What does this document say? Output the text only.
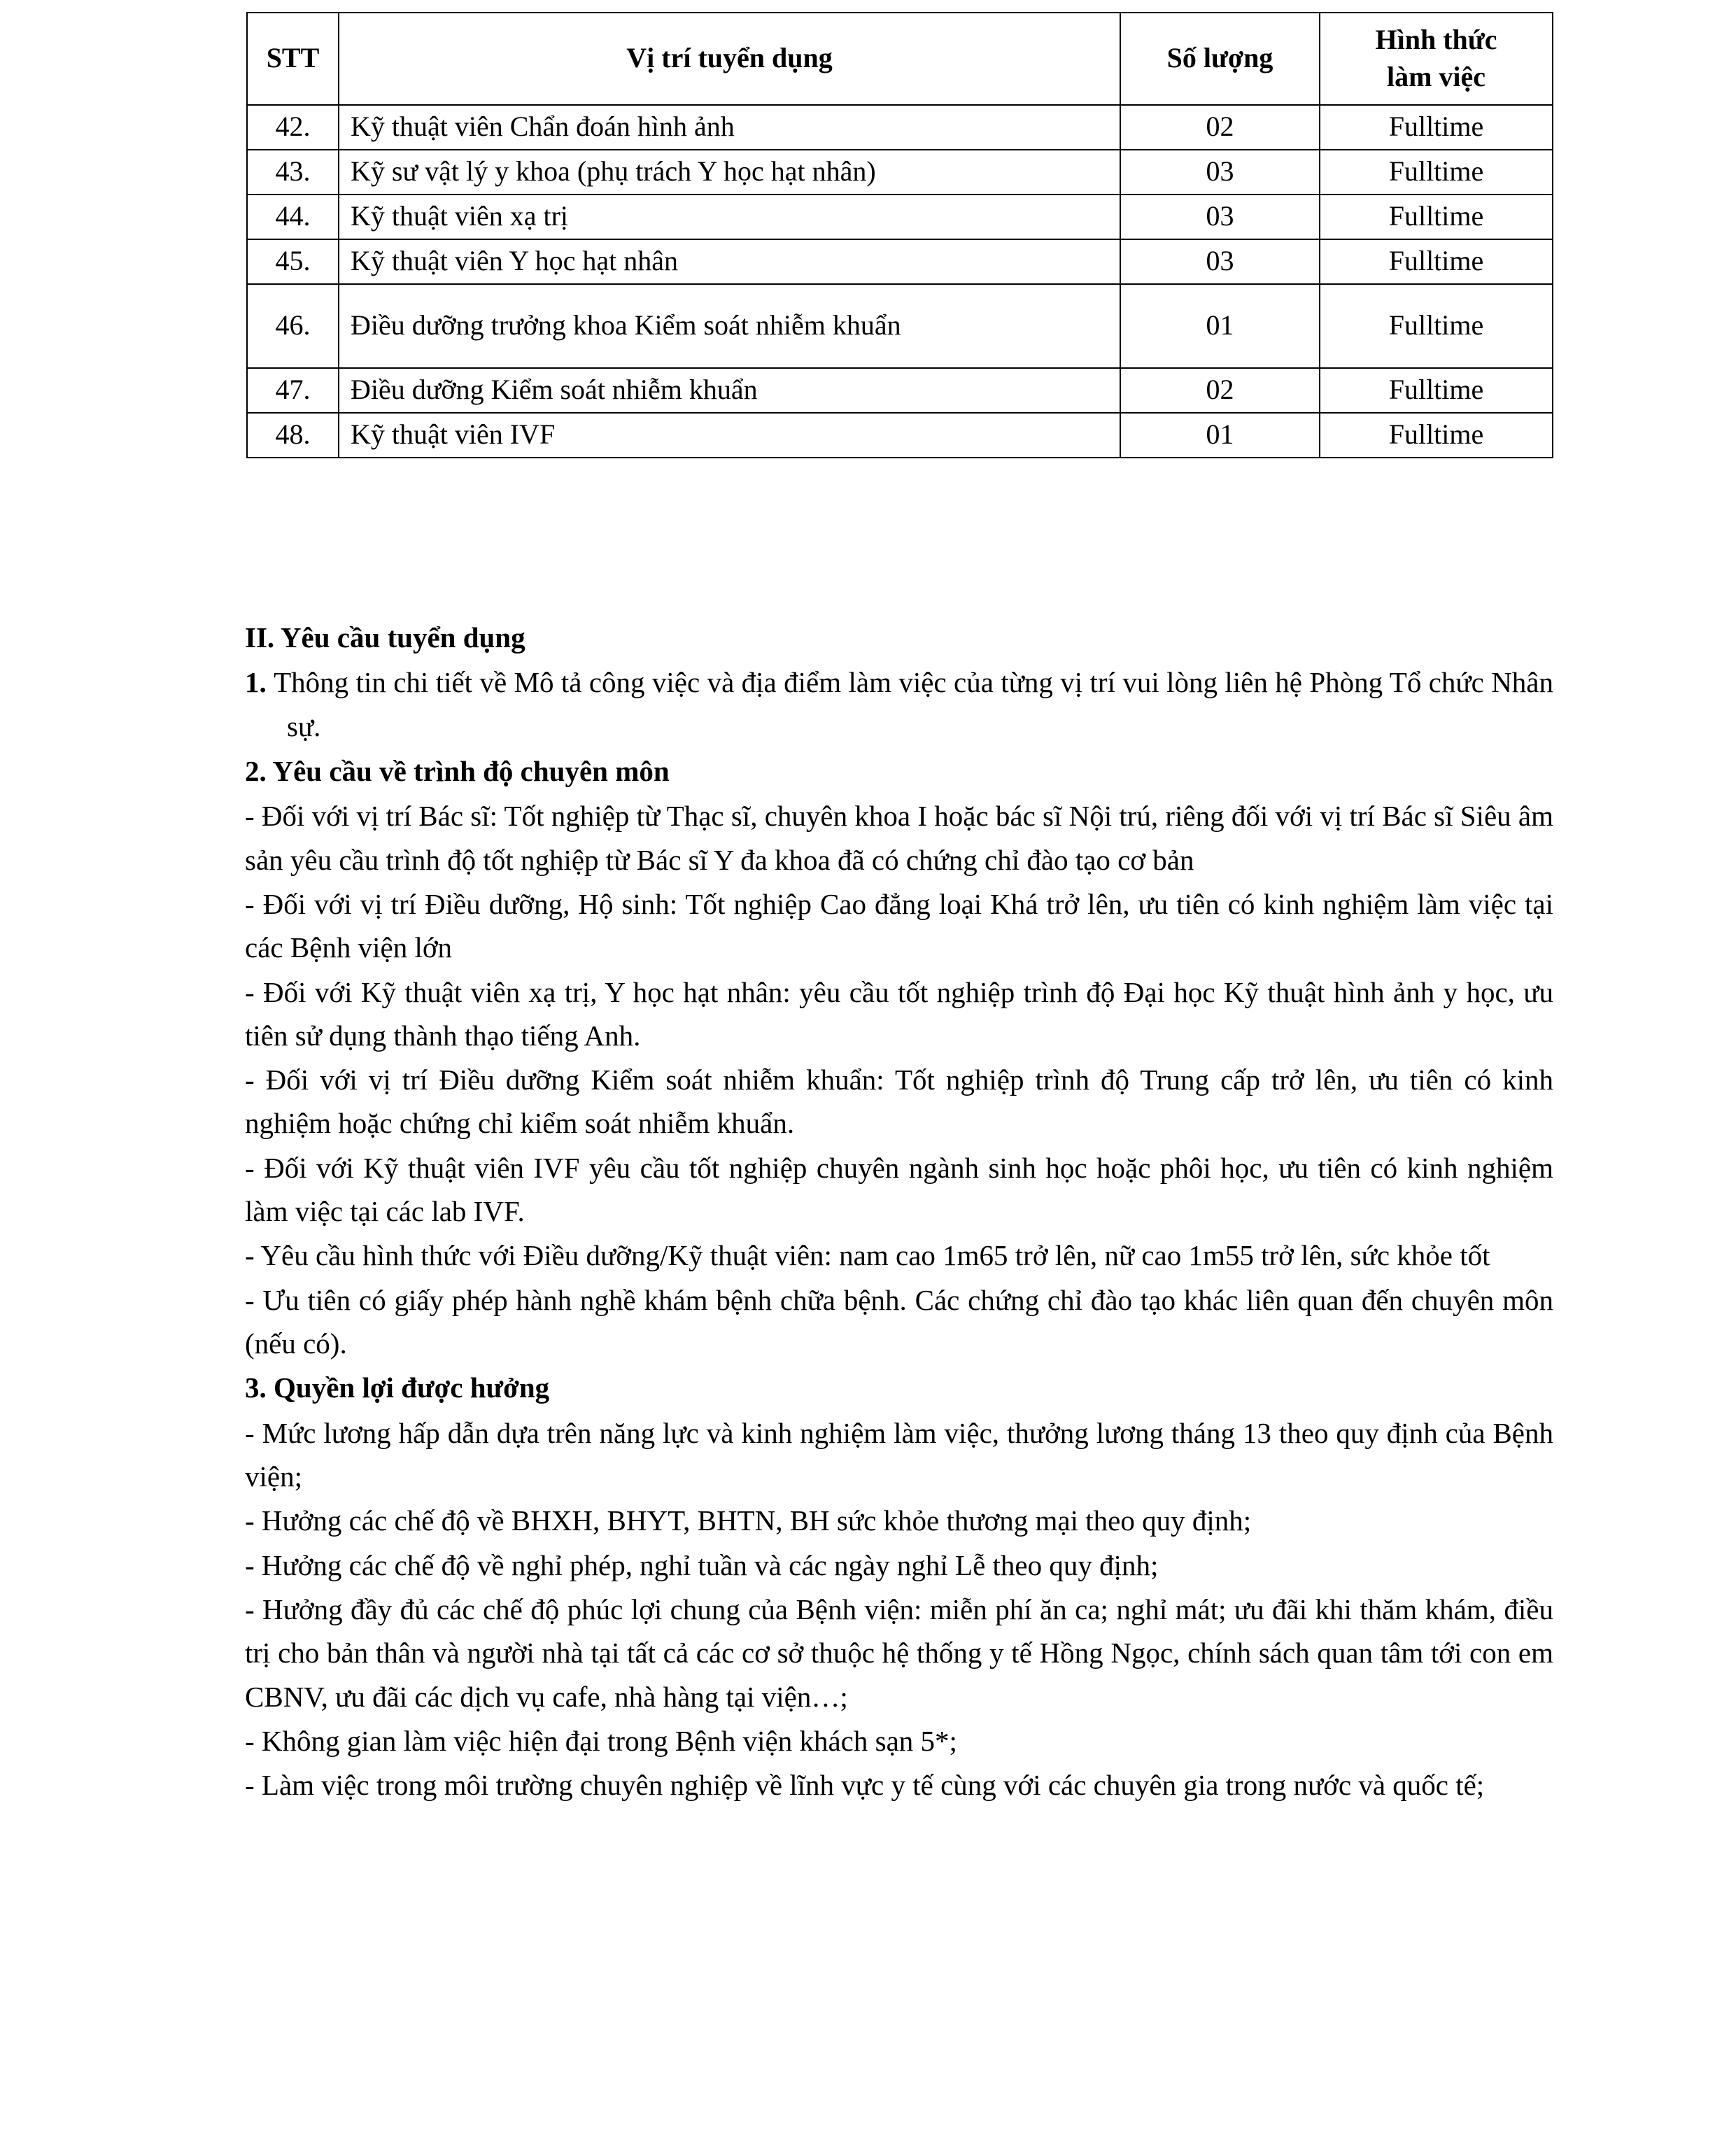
STT	Vị trí tuyển dụng	Số lượng	Hình thức
làm việc
42.	Kỹ thuật viên Chẩn đoán hình ảnh	02	Fulltime
43.	Kỹ sư vật lý y khoa (phụ trách Y học hạt nhân)	03	Fulltime
44.	Kỹ thuật viên xạ trị	03	Fulltime
45.	Kỹ thuật viên Y học hạt nhân	03	Fulltime
46.	Điều dưỡng trưởng khoa Kiểm soát nhiễm khuẩn	01	Fulltime
47.	Điều dưỡng Kiểm soát nhiễm khuẩn	02	Fulltime
48.	Kỹ thuật viên IVF	01	Fulltime

II. Yêu cầu tuyển dụng

1. Thông tin chi tiết về Mô tả công việc và địa điểm làm việc của từng vị trí vui lòng liên hệ Phòng Tổ chức Nhân sự.

2. Yêu cầu về trình độ chuyên môn

- Đối với vị trí Bác sĩ: Tốt nghiệp từ Thạc sĩ, chuyên khoa I hoặc bác sĩ Nội trú, riêng đối với vị trí Bác sĩ Siêu âm sản yêu cầu trình độ tốt nghiệp từ Bác sĩ Y đa khoa đã có chứng chỉ đào tạo cơ bản

- Đối với vị trí Điều dưỡng, Hộ sinh: Tốt nghiệp Cao đẳng loại Khá trở lên, ưu tiên có kinh nghiệm làm việc tại các Bệnh viện lớn

- Đối với Kỹ thuật viên xạ trị, Y học hạt nhân: yêu cầu tốt nghiệp trình độ Đại học Kỹ thuật hình ảnh y học, ưu tiên sử dụng thành thạo tiếng Anh.

- Đối với vị trí Điều dưỡng Kiểm soát nhiễm khuẩn: Tốt nghiệp trình độ Trung cấp trở lên, ưu tiên có kinh nghiệm hoặc chứng chỉ kiểm soát nhiễm khuẩn.

- Đối với Kỹ thuật viên IVF yêu cầu tốt nghiệp chuyên ngành sinh học hoặc phôi học, ưu tiên có kinh nghiệm làm việc tại các lab IVF.

- Yêu cầu hình thức với Điều dưỡng/Kỹ thuật viên: nam cao 1m65 trở lên, nữ cao 1m55 trở lên, sức khỏe tốt

- Ưu tiên có giấy phép hành nghề khám bệnh chữa bệnh. Các chứng chỉ đào tạo khác liên quan đến chuyên môn (nếu có).

3. Quyền lợi được hưởng

- Mức lương hấp dẫn dựa trên năng lực và kinh nghiệm làm việc, thưởng lương tháng 13 theo quy định của Bệnh viện;

- Hưởng các chế độ về BHXH, BHYT, BHTN, BH sức khỏe thương mại theo quy định;

- Hưởng các chế độ về nghỉ phép, nghỉ tuần và các ngày nghỉ Lễ theo quy định;

- Hưởng đầy đủ các chế độ phúc lợi chung của Bệnh viện: miễn phí ăn ca; nghỉ mát; ưu đãi khi thăm khám, điều trị cho bản thân và người nhà tại tất cả các cơ sở thuộc hệ thống y tế Hồng Ngọc, chính sách quan tâm tới con em CBNV, ưu đãi các dịch vụ cafe, nhà hàng tại viện…;

- Không gian làm việc hiện đại trong Bệnh viện khách sạn 5*;

- Làm việc trong môi trường chuyên nghiệp về lĩnh vực y tế cùng với các chuyên gia trong nước và quốc tế;
